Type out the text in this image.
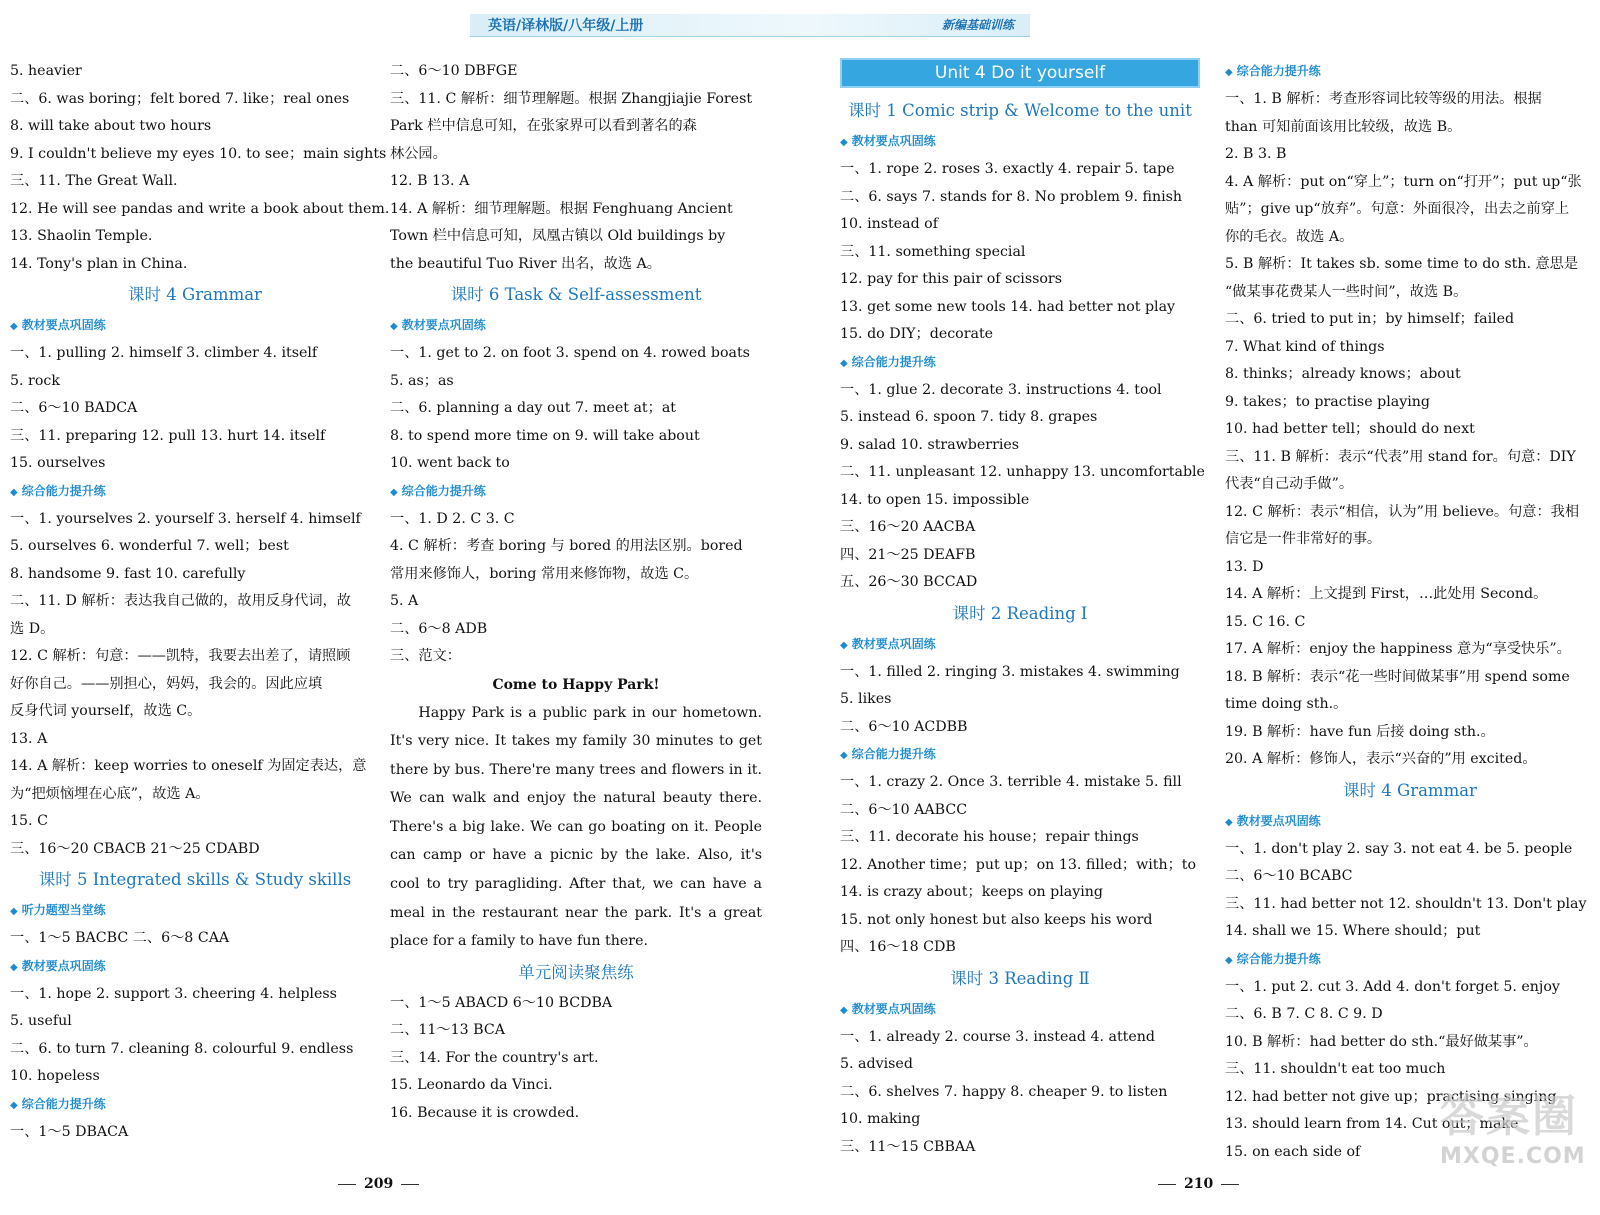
英语/译林版/八年级/上册	新编基础训练
5. heavier
二、6. was boring；felt bored 7. like；real ones
8. will take about two hours
9. I couldn't believe my eyes 10. to see；main sights
三、11. The Great Wall.
12. He will see pandas and write a book about them.
13. Shaolin Temple.
14. Tony's plan in China.
课时 4 Grammar
◆ 教材要点巩固练
一、1. pulling 2. himself 3. climber 4. itself
5. rock
二、6～10 BADCA
三、11. preparing 12. pull 13. hurt 14. itself
15. ourselves
◆ 综合能力提升练
一、1. yourselves 2. yourself 3. herself 4. himself
5. ourselves 6. wonderful 7. well；best
8. handsome 9. fast 10. carefully
二、11. D 解析：表达我自己做的，故用反身代词，故
选 D。
12. C 解析：句意：——凯特，我要去出差了，请照顾
好你自己。——别担心，妈妈，我会的。因此应填
反身代词 yourself，故选 C。
13. A
14. A 解析：keep worries to oneself 为固定表达，意
为“把烦恼埋在心底”，故选 A。
15. C
三、16～20 CBACB 21～25 CDABD
课时 5 Integrated skills & Study skills
◆ 听力题型当堂练
一、1～5 BACBC 二、6～8 CAA
◆ 教材要点巩固练
一、1. hope 2. support 3. cheering 4. helpless
5. useful
二、6. to turn 7. cleaning 8. colourful 9. endless
10. hopeless
◆ 综合能力提升练
一、1～5 DBACA
二、6～10 DBFGE
三、11. C 解析：细节理解题。根据 Zhangjiajie Forest
Park 栏中信息可知，在张家界可以看到著名的森
林公园。
12. B 13. A
14. A 解析：细节理解题。根据 Fenghuang Ancient
Town 栏中信息可知，凤凰古镇以 Old buildings by
the beautiful Tuo River 出名，故选 A。
课时 6 Task & Self-assessment
◆ 教材要点巩固练
一、1. get to 2. on foot 3. spend on 4. rowed boats
5. as；as
二、6. planning a day out 7. meet at；at
8. to spend more time on 9. will take about
10. went back to
◆ 综合能力提升练
一、1. D 2. C 3. C
4. C 解析：考查 boring 与 bored 的用法区别。bored
常用来修饰人，boring 常用来修饰物，故选 C。
5. A
二、6～8 ADB
三、范文：
Come to Happy Park!
Happy Park is a public park in our hometown. It's very nice. It takes my family 30 minutes to get there by bus. There're many trees and flowers in it. We can walk and enjoy the natural beauty there. There's a big lake. We can go boating on it. People can camp or have a picnic by the lake. Also, it's cool to try paragliding. After that, we can have a meal in the restaurant near the park. It's a great place for a family to have fun there.
单元阅读聚焦练
一、1～5 ABACD 6～10 BCDBA
二、11～13 BCA
三、14. For the country's art.
15. Leonardo da Vinci.
16. Because it is crowded.
Unit 4 Do it yourself
课时 1 Comic strip & Welcome to the unit
◆ 教材要点巩固练
一、1. rope 2. roses 3. exactly 4. repair 5. tape
二、6. says 7. stands for 8. No problem 9. finish
10. instead of
三、11. something special
12. pay for this pair of scissors
13. get some new tools 14. had better not play
15. do DIY；decorate
◆ 综合能力提升练
一、1. glue 2. decorate 3. instructions 4. tool
5. instead 6. spoon 7. tidy 8. grapes
9. salad 10. strawberries
二、11. unpleasant 12. unhappy 13. uncomfortable
14. to open 15. impossible
三、16～20 AACBA
四、21～25 DEAFB
五、26～30 BCCAD
课时 2 Reading Ⅰ
◆ 教材要点巩固练
一、1. filled 2. ringing 3. mistakes 4. swimming
5. likes
二、6～10 ACDBB
◆ 综合能力提升练
一、1. crazy 2. Once 3. terrible 4. mistake 5. fill
二、6～10 AABCC
三、11. decorate his house；repair things
12. Another time；put up；on 13. filled；with；to
14. is crazy about；keeps on playing
15. not only honest but also keeps his word
四、16～18 CDB
课时 3 Reading Ⅱ
◆ 教材要点巩固练
一、1. already 2. course 3. instead 4. attend
5. advised
二、6. shelves 7. happy 8. cheaper 9. to listen
10. making
三、11～15 CBBAA
◆ 综合能力提升练
一、1. B 解析：考查形容词比较等级的用法。根据
than 可知前面该用比较级，故选 B。
2. B 3. B
4. A 解析：put on“穿上”；turn on“打开”；put up“张
贴”；give up“放弃”。句意：外面很冷，出去之前穿上
你的毛衣。故选 A。
5. B 解析：It takes sb. some time to do sth. 意思是
“做某事花费某人一些时间”，故选 B。
二、6. tried to put in；by himself；failed
7. What kind of things
8. thinks；already knows；about
9. takes；to practise playing
10. had better tell；should do next
三、11. B 解析：表示“代表”用 stand for。句意：DIY
代表“自己动手做”。
12. C 解析：表示“相信，认为”用 believe。句意：我相
信它是一件非常好的事。
13. D
14. A 解析：上文提到 First，…此处用 Second。
15. C 16. C
17. A 解析：enjoy the happiness 意为“享受快乐”。
18. B 解析：表示“花一些时间做某事”用 spend some
time doing sth.。
19. B 解析：have fun 后接 doing sth.。
20. A 解析：修饰人，表示“兴奋的”用 excited。
课时 4 Grammar
◆ 教材要点巩固练
一、1. don't play 2. say 3. not eat 4. be 5. people
二、6～10 BCABC
三、11. had better not 12. shouldn't 13. Don't play
14. shall we 15. Where should；put
◆ 综合能力提升练
一、1. put 2. cut 3. Add 4. don't forget 5. enjoy
二、6. B 7. C 8. C 9. D
10. B 解析：had better do sth.“最好做某事”。
三、11. shouldn't eat too much
12. had better not give up；practising singing
13. should learn from 14. Cut out；make
15. on each side of
209	210
答案圈
MXQE.COM
